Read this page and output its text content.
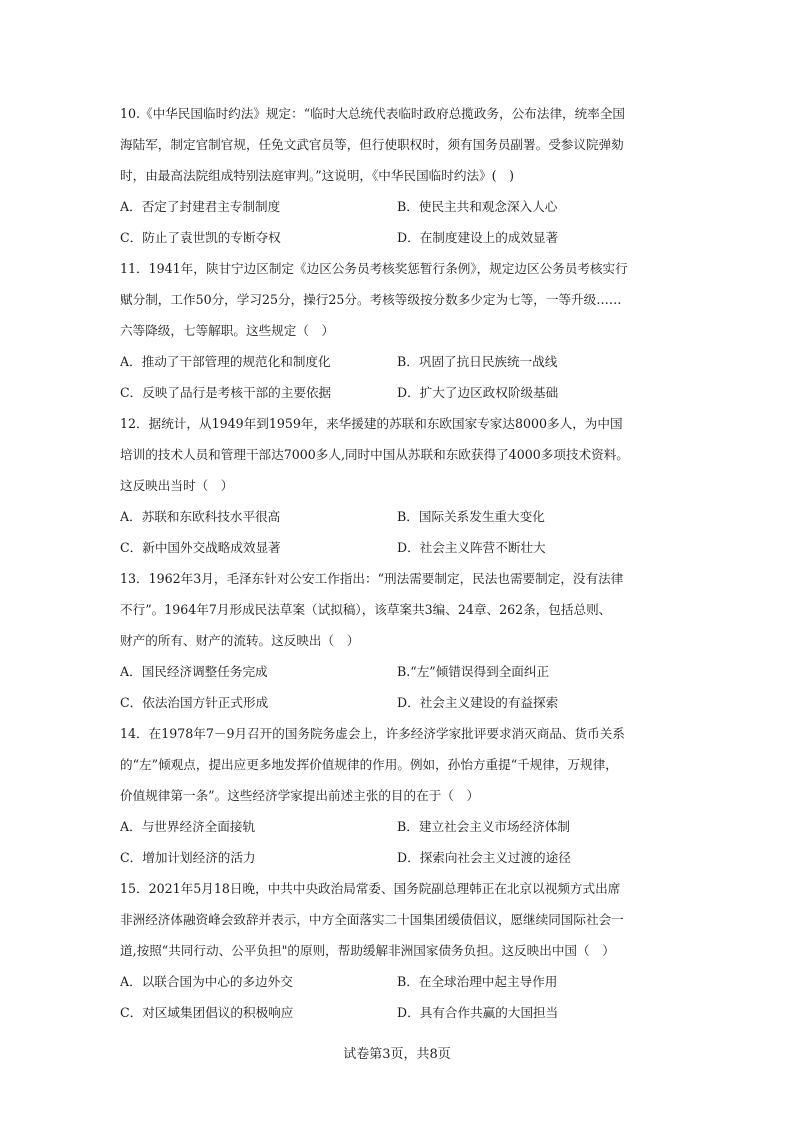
10.《中华民国临时约法》规定：“临时大总统代表临时政府总揽政务，公布法律，统率全国
海陆军，制定官制官规，任免文武官员等，但行使职权时，须有国务员副署。受参议院弹劾
时，由最高法院组成特别法庭审判。”这说明，《中华民国临时约法》(　)
A．否定了封建君主专制制度	B．使民主共和观念深入人心
C．防止了袁世凯的专断夺权	D．在制度建设上的成效显著
11．1941年，陕甘宁边区制定《边区公务员考核奖惩暂行条例》，规定边区公务员考核实行
赋分制，工作50分，学习25分，操行25分。考核等级按分数多少定为七等，一等升级……
六等降级，七等解职。这些规定（　）
A．推动了干部管理的规范化和制度化	B．巩固了抗日民族统一战线
C．反映了品行是考核干部的主要依据	D．扩大了边区政权阶级基础
12．据统计，从1949年到1959年，来华援建的苏联和东欧国家专家达8000多人，为中国
培训的技术人员和管理干部达7000多人,同时中国从苏联和东欧获得了4000多项技术资料。
这反映出当时（　）
A．苏联和东欧科技水平很高	B．国际关系发生重大变化
C．新中国外交战略成效显著	D．社会主义阵营不断壮大
13．1962年3月，毛泽东针对公安工作指出：“刑法需要制定，民法也需要制定，没有法律
不行”。1964年7月形成民法草案（试拟稿），该草案共3编、24章、262条，包括总则、
财产的所有、财产的流转。这反映出（　）
A．国民经济调整任务完成	B.“左”倾错误得到全面纠正
C．依法治国方针正式形成	D．社会主义建设的有益探索
14．在1978年7－9月召开的国务院务虚会上，许多经济学家批评要求消灭商品、货币关系
的“左”倾观点，提出应更多地发挥价值规律的作用。例如，孙怡方重提“千规律，万规律，
价值规律第一条”。这些经济学家提出前述主张的目的在于（　）
A．与世界经济全面接轨	B．建立社会主义市场经济体制
C．增加计划经济的活力	D．探索向社会主义过渡的途径
15．2021年5月18日晚，中共中央政治局常委、国务院副总理韩正在北京以视频方式出席
非洲经济体融资峰会致辞并表示，中方全面落实二十国集团缓债倡议，愿继续同国际社会一
道,按照“共同行动、公平负担"的原则，帮助缓解非洲国家债务负担。这反映出中国（　）
A．以联合国为中心的多边外交	B．在全球治理中起主导作用
C．对区域集团倡议的积极响应	D．具有合作共赢的大国担当
试卷第3页，共8页
